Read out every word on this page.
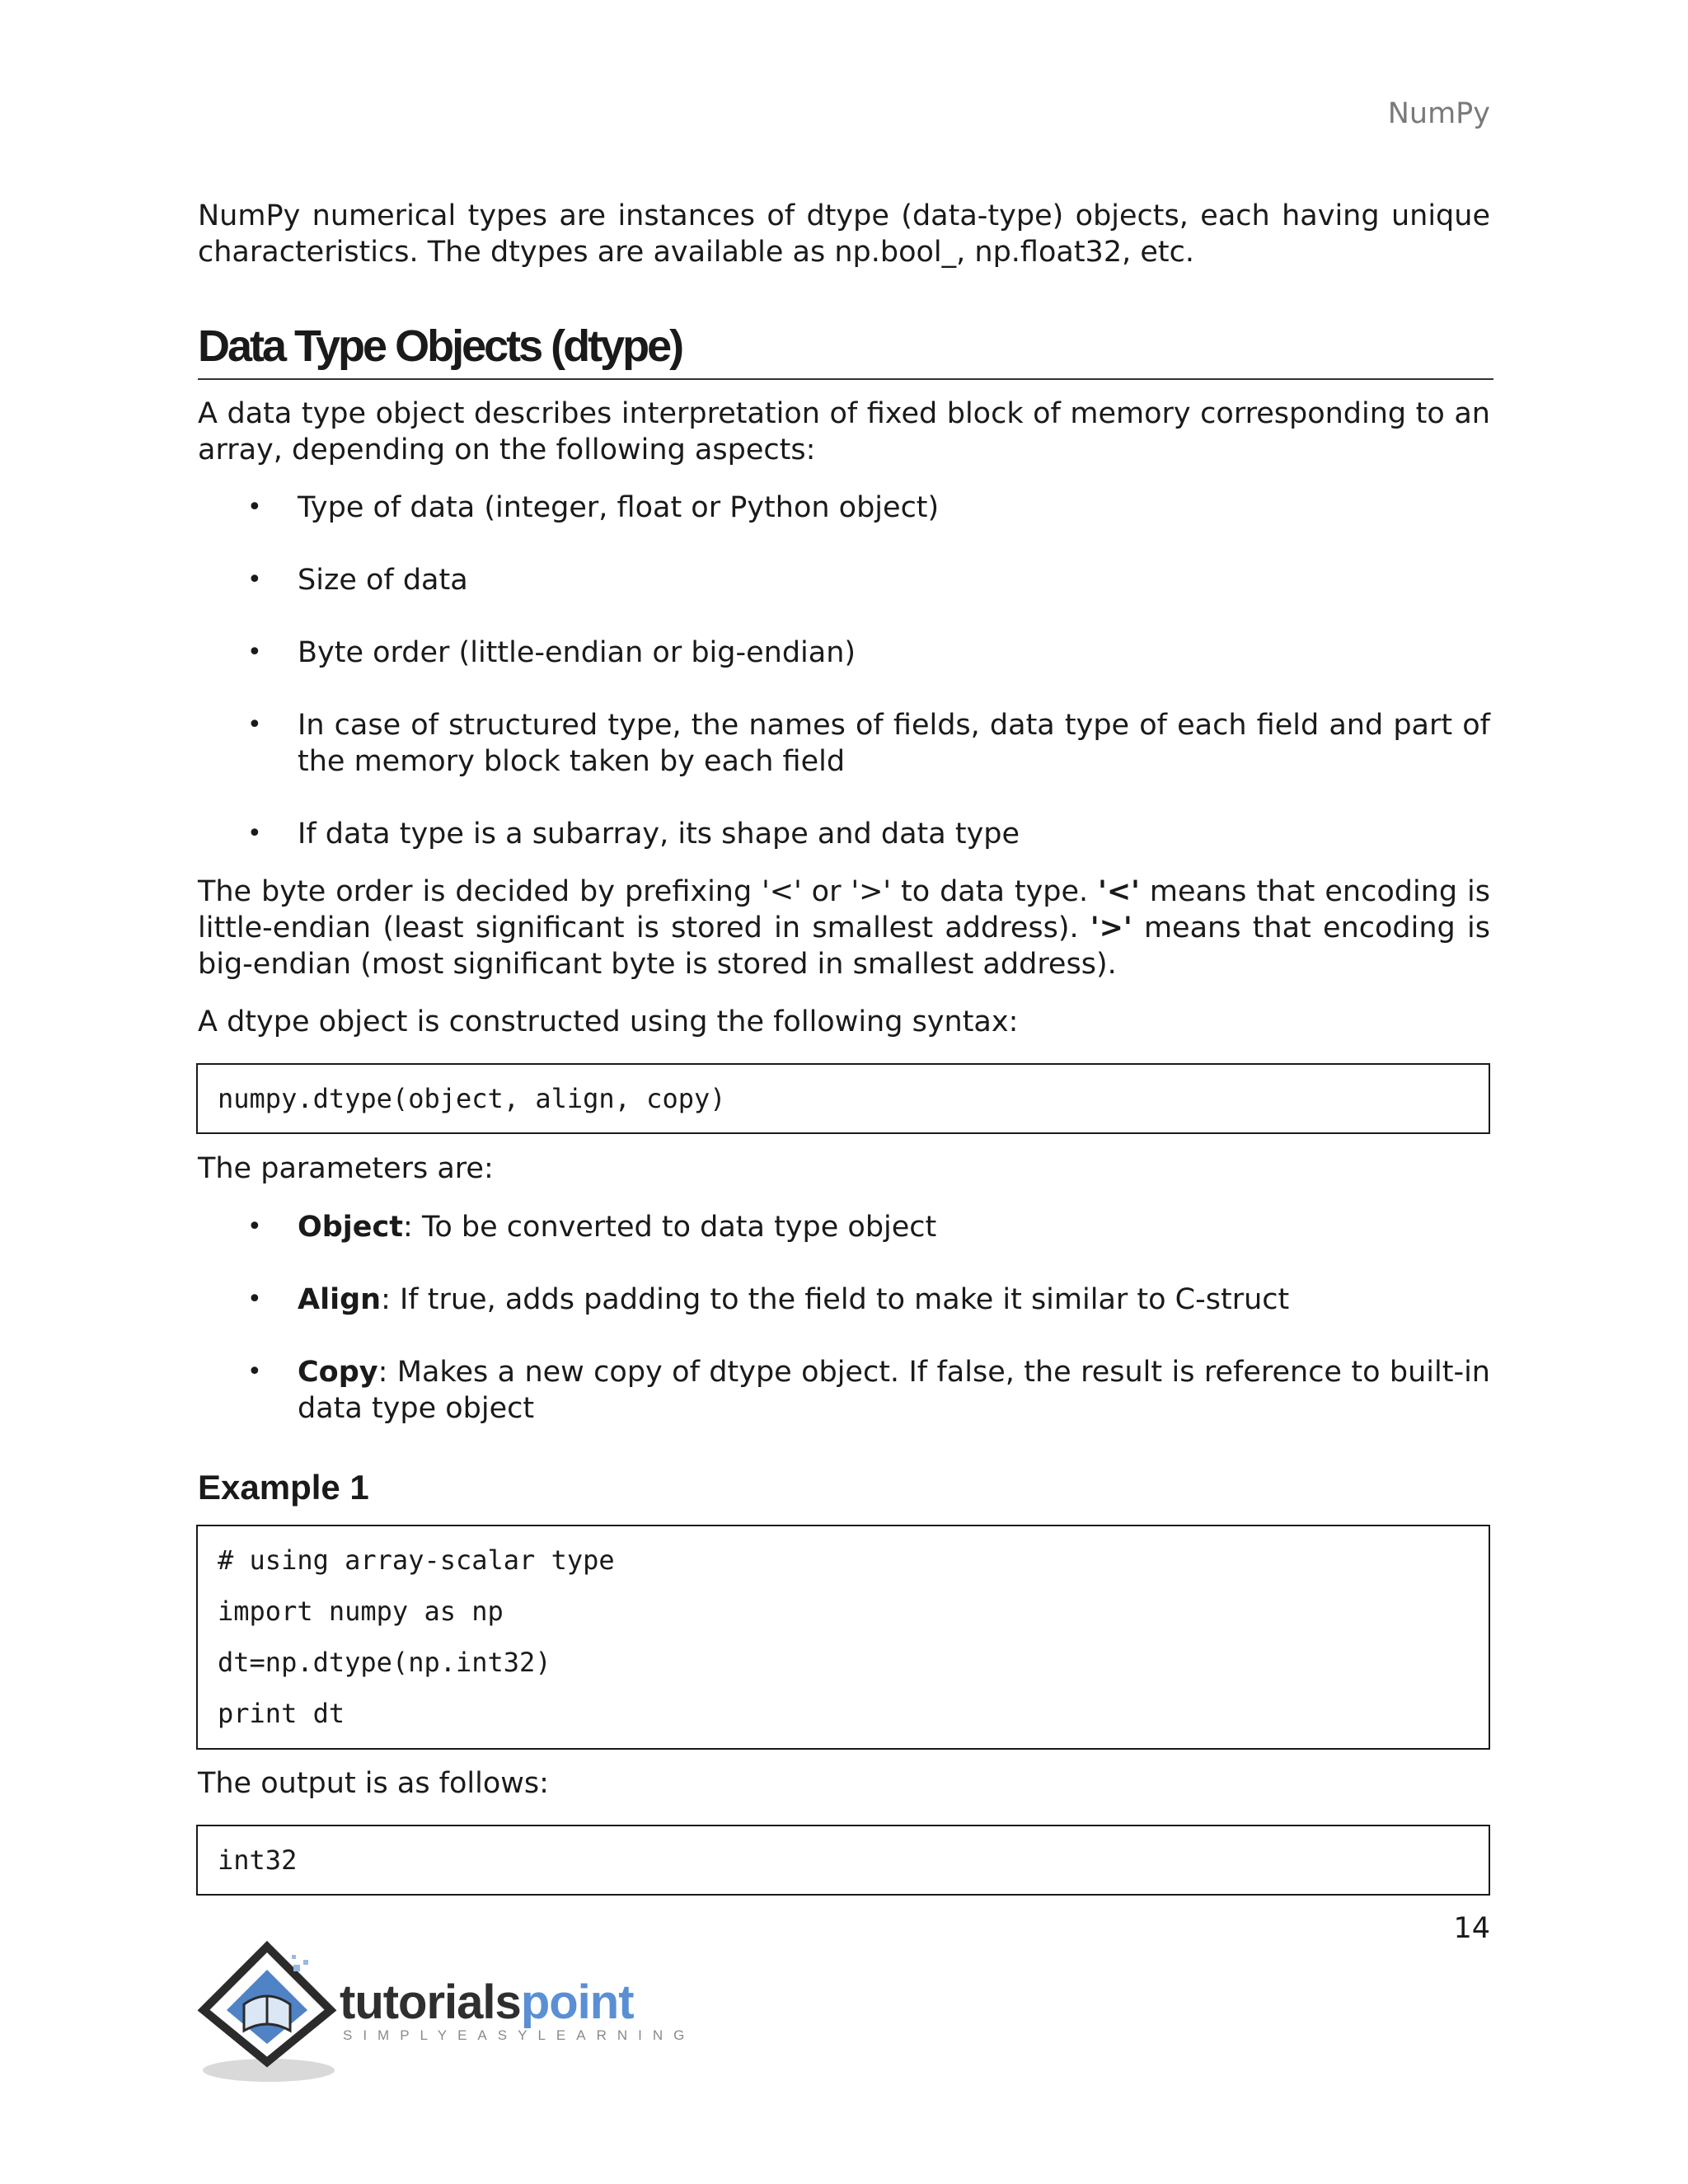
NumPy

NumPy numerical types are instances of dtype (data-type) objects, each having unique characteristics. The dtypes are available as np.bool_, np.float32, etc.

Data Type Objects (dtype)

A data type object describes interpretation of fixed block of memory corresponding to an array, depending on the following aspects:

• Type of data (integer, float or Python object)
• Size of data
• Byte order (little-endian or big-endian)
• In case of structured type, the names of fields, data type of each field and part of the memory block taken by each field
• If data type is a subarray, its shape and data type

The byte order is decided by prefixing '<' or '>' to data type. '<' means that encoding is little-endian (least significant is stored in smallest address). '>' means that encoding is big-endian (most significant byte is stored in smallest address).

A dtype object is constructed using the following syntax:

numpy.dtype(object, align, copy)

The parameters are:

• Object: To be converted to data type object
• Align: If true, adds padding to the field to make it similar to C-struct
• Copy: Makes a new copy of dtype object. If false, the result is reference to built-in data type object
Example 1
# using array-scalar type
import numpy as np
dt=np.dtype(np.int32)
print dt

The output is as follows:

int32
14
tutorialspoint
SIMPLYEASYLEARNING
